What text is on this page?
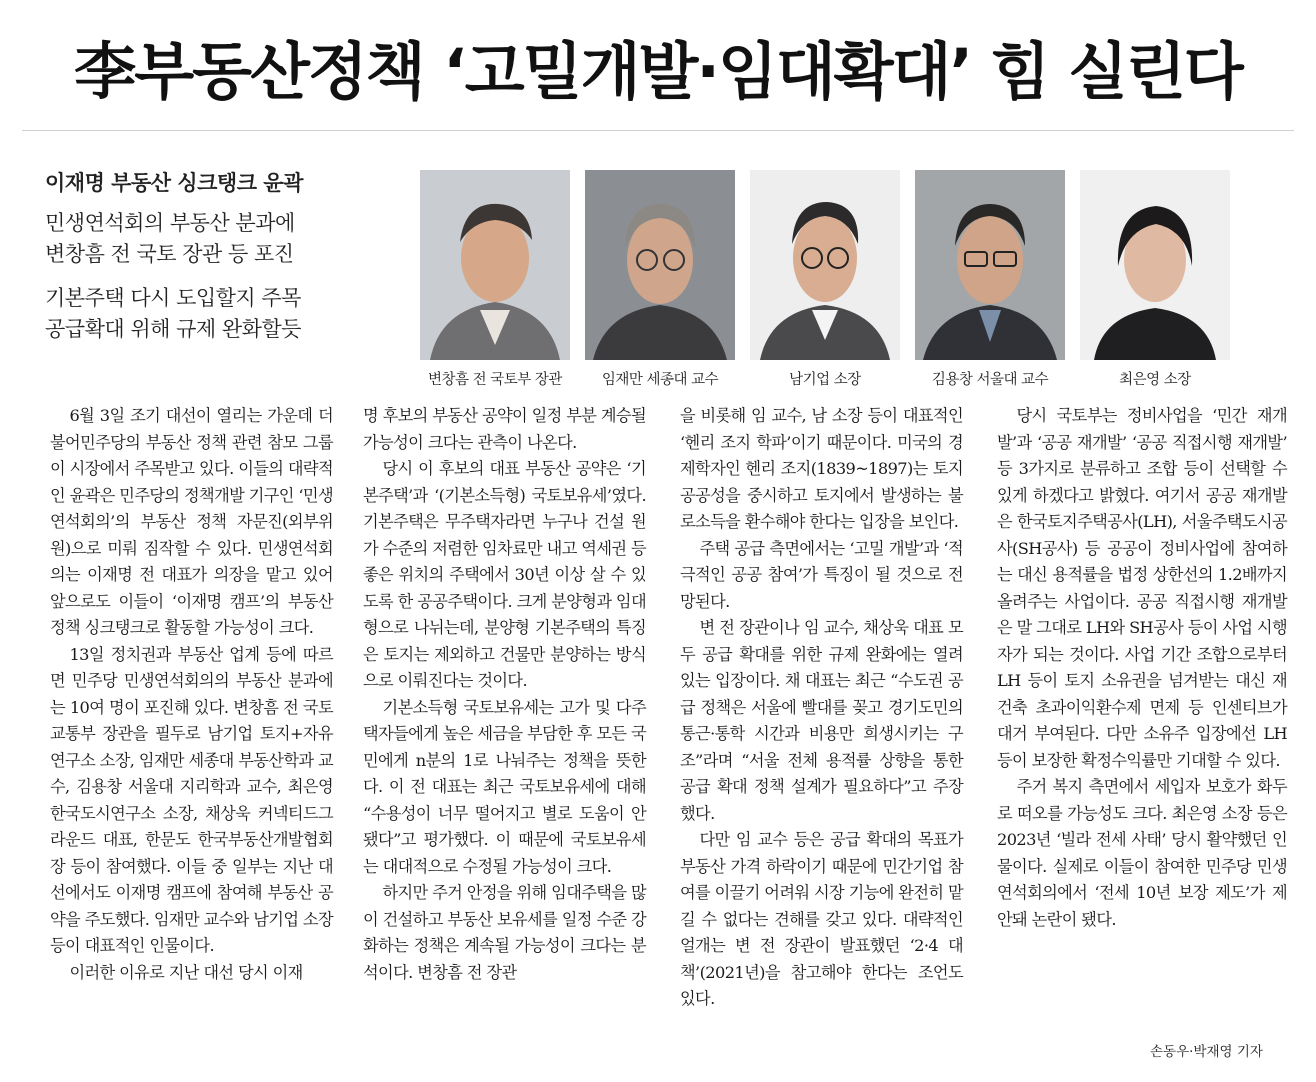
李부동산정책 ‘고밀개발·임대확대’ 힘 실린다
이재명 부동산 싱크탱크 윤곽
민생연석회의 부동산 분과에
변창흠 전 국토 장관 등 포진
기본주택 다시 도입할지 주목
공급확대 위해 규제 완화할듯
변창흠 전 국토부 장관	임재만 세종대 교수	남기업 소장	김용창 서울대 교수	최은영 소장

6월 3일 조기 대선이 열리는 가운데 더불어민주당의 부동산 정책 관련 참모 그룹이 시장에서 주목받고 있다. 이들의 대략적인 윤곽은 민주당의 정책개발 기구인 ‘민생연석회의’의 부동산 정책 자문진(외부위원)으로 미뤄 짐작할 수 있다. 민생연석회의는 이재명 전 대표가 의장을 맡고 있어 앞으로도 이들이 ‘이재명 캠프’의 부동산 정책 싱크탱크로 활동할 가능성이 크다.

13일 정치권과 부동산 업계 등에 따르면 민주당 민생연석회의의 부동산 분과에는 10여 명이 포진해 있다. 변창흠 전 국토교통부 장관을 필두로 남기업 토지+자유연구소 소장, 임재만 세종대 부동산학과 교수, 김용창 서울대 지리학과 교수, 최은영 한국도시연구소 소장, 채상욱 커넥티드그라운드 대표, 한문도 한국부동산개발협회장 등이 참여했다. 이들 중 일부는 지난 대선에서도 이재명 캠프에 참여해 부동산 공약을 주도했다. 임재만 교수와 남기업 소장 등이 대표적인 인물이다.

이러한 이유로 지난 대선 당시 이재

명 후보의 부동산 공약이 일정 부분 계승될 가능성이 크다는 관측이 나온다.

당시 이 후보의 대표 부동산 공약은 ‘기본주택’과 ‘(기본소득형) 국토보유세’였다. 기본주택은 무주택자라면 누구나 건설 원가 수준의 저렴한 임차료만 내고 역세권 등 좋은 위치의 주택에서 30년 이상 살 수 있도록 한 공공주택이다. 크게 분양형과 임대형으로 나뉘는데, 분양형 기본주택의 특징은 토지는 제외하고 건물만 분양하는 방식으로 이뤄진다는 것이다.

기본소득형 국토보유세는 고가 및 다주택자들에게 높은 세금을 부담한 후 모든 국민에게 n분의 1로 나눠주는 정책을 뜻한다. 이 전 대표는 최근 국토보유세에 대해 “수용성이 너무 떨어지고 별로 도움이 안 됐다”고 평가했다. 이 때문에 국토보유세는 대대적으로 수정될 가능성이 크다.

하지만 주거 안정을 위해 임대주택을 많이 건설하고 부동산 보유세를 일정 수준 강화하는 정책은 계속될 가능성이 크다는 분석이다. 변창흠 전 장관

을 비롯해 임 교수, 남 소장 등이 대표적인 ‘헨리 조지 학파’이기 때문이다. 미국의 경제학자인 헨리 조지(1839~1897)는 토지 공공성을 중시하고 토지에서 발생하는 불로소득을 환수해야 한다는 입장을 보인다.

주택 공급 측면에서는 ‘고밀 개발’과 ‘적극적인 공공 참여’가 특징이 될 것으로 전망된다.

변 전 장관이나 임 교수, 채상욱 대표 모두 공급 확대를 위한 규제 완화에는 열려 있는 입장이다. 채 대표는 최근 “수도권 공급 정책은 서울에 빨대를 꽂고 경기도민의 통근·통학 시간과 비용만 희생시키는 구조”라며 “서울 전체 용적률 상향을 통한 공급 확대 정책 설계가 필요하다”고 주장했다.

다만 임 교수 등은 공급 확대의 목표가 부동산 가격 하락이기 때문에 민간기업 참여를 이끌기 어려워 시장 기능에 완전히 맡길 수 없다는 견해를 갖고 있다. 대략적인 얼개는 변 전 장관이 발표했던 ‘2·4 대책’(2021년)을 참고해야 한다는 조언도 있다.

당시 국토부는 정비사업을 ‘민간 재개발’과 ‘공공 재개발’ ‘공공 직접시행 재개발’ 등 3가지로 분류하고 조합 등이 선택할 수 있게 하겠다고 밝혔다. 여기서 공공 재개발은 한국토지주택공사(LH), 서울주택도시공사(SH공사) 등 공공이 정비사업에 참여하는 대신 용적률을 법정 상한선의 1.2배까지 올려주는 사업이다. 공공 직접시행 재개발은 말 그대로 LH와 SH공사 등이 사업 시행자가 되는 것이다. 사업 기간 조합으로부터 LH 등이 토지 소유권을 넘겨받는 대신 재건축 초과이익환수제 면제 등 인센티브가 대거 부여된다. 다만 소유주 입장에선 LH 등이 보장한 확정수익률만 기대할 수 있다.

주거 복지 측면에서 세입자 보호가 화두로 떠오를 가능성도 크다. 최은영 소장 등은 2023년 ‘빌라 전세 사태’ 당시 활약했던 인물이다. 실제로 이들이 참여한 민주당 민생연석회의에서 ‘전세 10년 보장 제도’가 제안돼 논란이 됐다.

손동우·박재영 기자
